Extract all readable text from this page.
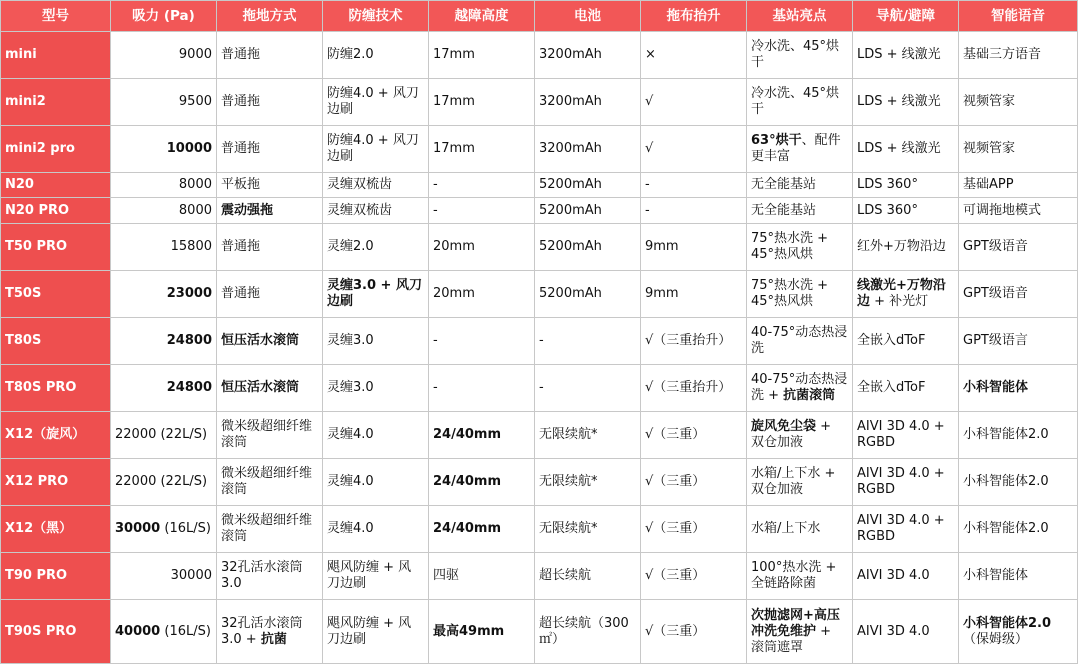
型号	吸力 (Pa)	拖地方式	防缠技术	越障高度	电池	拖布抬升	基站亮点	导航/避障	智能语音
mini	9000	普通拖	防缠2.0	17mm	3200mAh	×	冷水洗、45°烘干	LDS + 线激光	基础三方语音
mini2	9500	普通拖	防缠4.0 + 风刀边刷	17mm	3200mAh	√	冷水洗、45°烘干	LDS + 线激光	视频管家
mini2 pro	10000	普通拖	防缠4.0 + 风刀边刷	17mm	3200mAh	√	63°烘干、配件更丰富	LDS + 线激光	视频管家
N20	8000	平板拖	灵缠双梳齿	-	5200mAh	-	无全能基站	LDS 360°	基础APP
N20 PRO	8000	震动强拖	灵缠双梳齿	-	5200mAh	-	无全能基站	LDS 360°	可调拖地模式
T50 PRO	15800	普通拖	灵缠2.0	20mm	5200mAh	9mm	75°热水洗 + 45°热风烘	红外+万物沿边	GPT级语音
T50S	23000	普通拖	灵缠3.0 + 风刀边刷	20mm	5200mAh	9mm	75°热水洗 + 45°热风烘	线激光+万物沿边 + 补光灯	GPT级语音
T80S	24800	恒压活水滚筒	灵缠3.0	-	-	√（三重抬升）	40-75°动态热浸洗	全嵌入dToF	GPT级语言
T80S PRO	24800	恒压活水滚筒	灵缠3.0	-	-	√（三重抬升）	40-75°动态热浸洗 + 抗菌滚筒	全嵌入dToF	小科智能体
X12（旋风）	22000 (22L/S)	微米级超细纤维滚筒	灵缠4.0	24/40mm	无限续航*	√（三重）	旋风免尘袋 + 双仓加液	AIVI 3D 4.0 + RGBD	小科智能体2.0
X12 PRO	22000 (22L/S)	微米级超细纤维滚筒	灵缠4.0	24/40mm	无限续航*	√（三重）	水箱/上下水 + 双仓加液	AIVI 3D 4.0 + RGBD	小科智能体2.0
X12（黑）	30000 (16L/S)	微米级超细纤维滚筒	灵缠4.0	24/40mm	无限续航*	√（三重）	水箱/上下水	AIVI 3D 4.0 + RGBD	小科智能体2.0
T90 PRO	30000	32孔活水滚筒3.0	飓风防缠 + 风刀边刷	四驱	超长续航	√（三重）	100°热水洗 + 全链路除菌	AIVI 3D 4.0	小科智能体
T90S PRO	40000 (16L/S)	32孔活水滚筒3.0 + 抗菌	飓风防缠 + 风刀边刷	最高49mm	超长续航（300㎡）	√（三重）	次抛滤网+高压冲洗免维护 + 滚筒遮罩	AIVI 3D 4.0	小科智能体2.0
（保姆级）
